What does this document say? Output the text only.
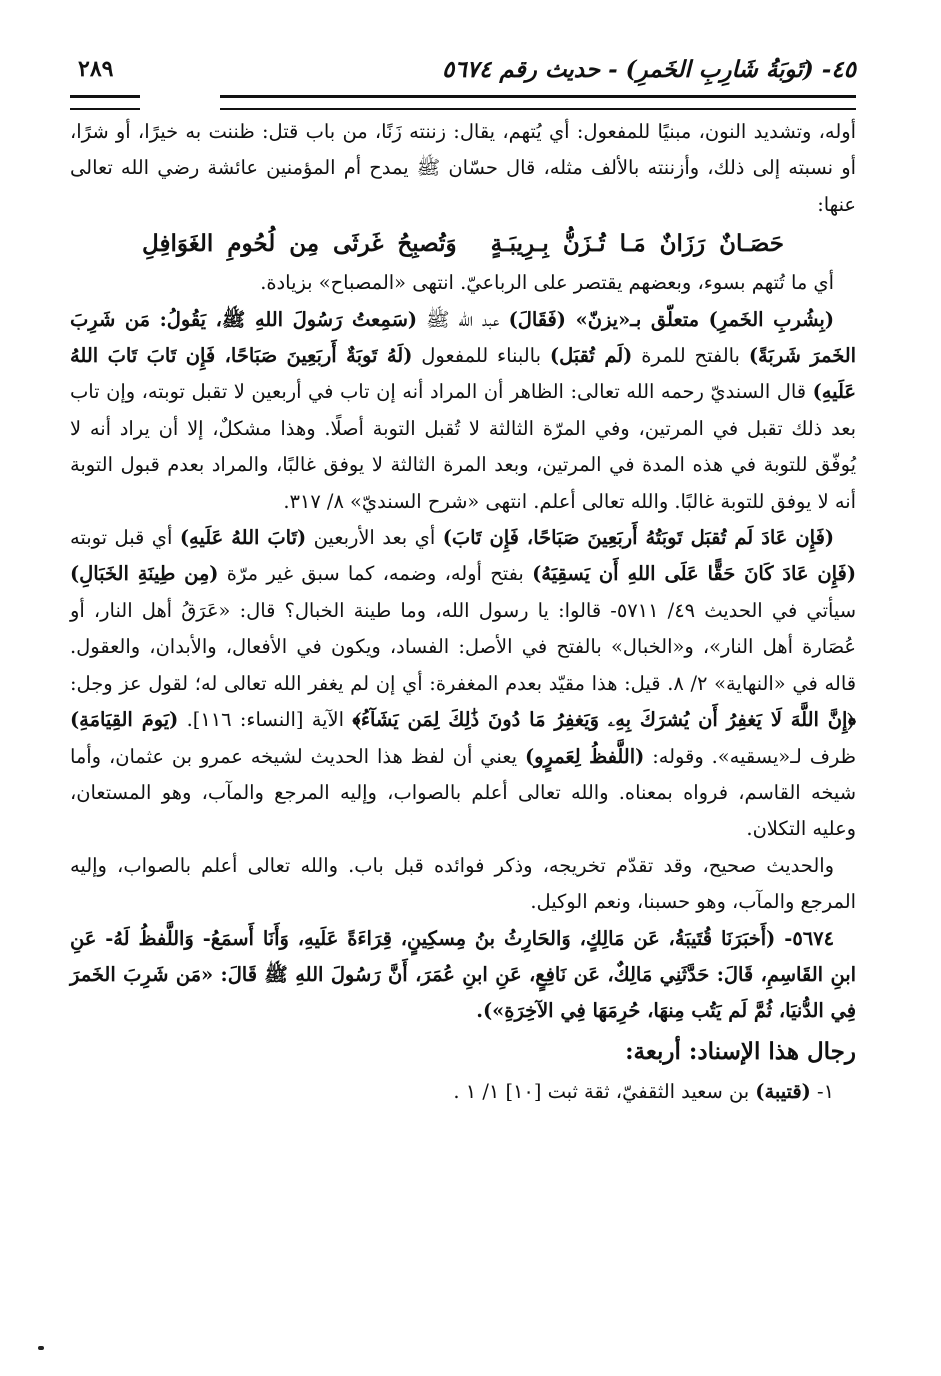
٤٥- (تَوبَةُ شَارِبِ الخَمرِ) - حديث رقم ٥٦٧٤
٢٨٩

أوله، وتشديد النون، مبنيًا للمفعول: أي يُتهم، يقال: زننته زَنًا، من باب قتل: ظننت به خيرًا، أو شرًا، أو نسبته إلى ذلك، وأزننته بالألف مثله، قال حسّان ﷺ يمدح أم المؤمنين عائشة رضي الله تعالى عنها:

حَصَـانٌ رَزَانٌ مَـا تُـزَنُّ بِـرِيبَـةٍوَتُصبِحُ غَرثَى مِن لُحُومِ الغَوَافِلِ

أي ما تُتهم بسوء، وبعضهم يقتصر على الرباعيّ. انتهى «المصباح» بزيادة.

(بِشُربِ الخَمرِ) متعلّق بـ«يزنّ» (فَقَالَ) عبد الله ﷺ (سَمِعتُ رَسُولَ اللهِ ﷺ، يَقُولُ: مَن شَرِبَ الخَمرَ شَربَةً) بالفتح للمرة (لَم تُقبَل) بالبناء للمفعول (لَهُ تَوبَةٌ أَربَعِينَ صَبَاحًا، فَإِن تَابَ تَابَ اللهُ عَلَيهِ) قال السنديّ رحمه الله تعالى: الظاهر أن المراد أنه إن تاب في أربعين لا تقبل توبته، وإن تاب بعد ذلك تقبل في المرتين، وفي المرّة الثالثة لا تُقبل التوبة أصلًا. وهذا مشكلٌ، إلا أن يراد أنه لا يُوفّق للتوبة في هذه المدة في المرتين، وبعد المرة الثالثة لا يوفق غالبًا، والمراد بعدم قبول التوبة أنه لا يوفق للتوبة غالبًا. والله تعالى أعلم. انتهى «شرح السنديّ» ٨/ ٣١٧.

(فَإِن عَادَ لَم تُقبَل تَوبَتُهُ أَربَعِينَ صَبَاحًا، فَإِن تَابَ) أي بعد الأربعين (تَابَ اللهُ عَلَيهِ) أي قبل توبته (فَإِن عَادَ كَانَ حَقًّا عَلَى اللهِ أَن يَسقِيَهُ) بفتح أوله، وضمه، كما سبق غير مرّة (مِن طِينَةِ الخَبَالِ) سيأتي في الحديث ٤٩/ ٥٧١١- قالوا: يا رسول الله، وما طينة الخبال؟ قال: «عَرَقُ أهل النار، أو عُصَارة أهل النار»، و«الخبال» بالفتح في الأصل: الفساد، ويكون في الأفعال، والأبدان، والعقول. قاله في «النهاية» ٢/ ٨. قيل: هذا مقيّد بعدم المغفرة: أي إن لم يغفر الله تعالى له؛ لقول عز وجل: ﴿إِنَّ اللَّهَ لَا يَغفِرُ أَن يُشرَكَ بِهِۦ وَيَغفِرُ مَا دُونَ ذَٰلِكَ لِمَن يَشَآءُ﴾ الآية [النساء: ١١٦]. (يَومَ القِيَامَةِ) ظرف لـ«يسقيه». وقوله: (اللَّفظُ لِعَمرٍو) يعني أن لفظ هذا الحديث لشيخه عمرو بن عثمان، وأما شيخه القاسم، فرواه بمعناه. والله تعالى أعلم بالصواب، وإليه المرجع والمآب، وهو المستعان، وعليه التكلان.

والحديث صحيح، وقد تقدّم تخريجه، وذكر فوائده قبل باب. والله تعالى أعلم بالصواب، وإليه المرجع والمآب، وهو حسبنا، ونعم الوكيل.

٥٦٧٤- (أَخبَرَنَا قُتَيبَةُ، عَن مَالِكٍ، وَالحَارِثُ بنُ مِسكِينٍ، قِرَاءَةً عَلَيهِ، وَأَنَا أَسمَعُ- وَاللَّفظُ لَهُ- عَنِ ابنِ القَاسِمِ، قَالَ: حَدَّثَنِي مَالِكٌ، عَن نَافِعٍ، عَنِ ابنِ عُمَرَ، أَنَّ رَسُولَ اللهِ ﷺ قَالَ: «مَن شَرِبَ الخَمرَ فِي الدُّنيَا، ثُمَّ لَم يَتُب مِنهَا، حُرِمَهَا فِي الآخِرَةِ»).

رجال هذا الإسناد: أربعة:

١- (قتيبة) بن سعيد الثقفيّ، ثقة ثبت [١٠] ١/ ١ .
